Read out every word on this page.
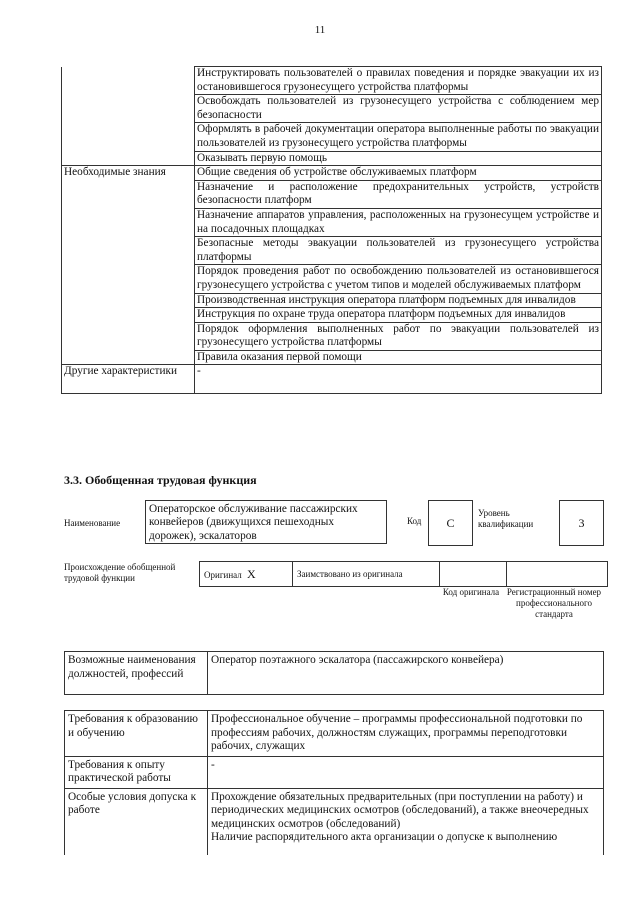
11
	Инструктировать пользователей о правилах поведения и порядке эвакуации их из остановившегося грузонесущего устройства платформы
	Освобождать пользователей из грузонесущего устройства с соблюдением мер безопасности
	Оформлять в рабочей документации оператора выполненные работы по эвакуации пользователей из грузонесущего устройства платформы
	Оказывать первую помощь
Необходимые знания	Общие сведения об устройстве обслуживаемых платформ
	Назначение и расположение предохранительных устройств, устройств безопасности платформ
	Назначение аппаратов управления, расположенных на грузонесущем устройстве и на посадочных площадках
	Безопасные методы эвакуации пользователей из грузонесущего устройства платформы
	Порядок проведения работ по освобождению пользователей из остановившегося грузонесущего устройства с учетом типов и моделей обслуживаемых платформ
	Производственная инструкция оператора платформ подъемных для инвалидов
	Инструкция по охране труда оператора платформ подъемных для инвалидов
	Порядок оформления выполненных работ по эвакуации пользователей из грузонесущего устройства платформы
	Правила оказания первой помощи
Другие характеристики	-
3.3. Обобщенная трудовая функция
Наименование
Операторское обслуживание пассажирских конвейеров (движущихся пешеходных дорожек), эскалаторов
Код	С
Уровень квалификации	3
Происхождение обобщенной трудовой функции	Оригинал X	Заимствовано из оригинала		
Код оригинала Регистрационный номер профессионального стандарта
Возможные наименования должностей, профессий	Оператор поэтажного эскалатора (пассажирского конвейера)
Требования к образованию и обучению	Профессиональное обучение – программы профессиональной подготовки по профессиям рабочих, должностям служащих, программы переподготовки рабочих, служащих
Требования к опыту практической работы	-
Особые условия допуска к работе	Прохождение обязательных предварительных (при поступлении на работу) и периодических медицинских осмотров (обследований), а также внеочередных медицинских осмотров (обследований)
Наличие распорядительного акта организации о допуске к выполнению
